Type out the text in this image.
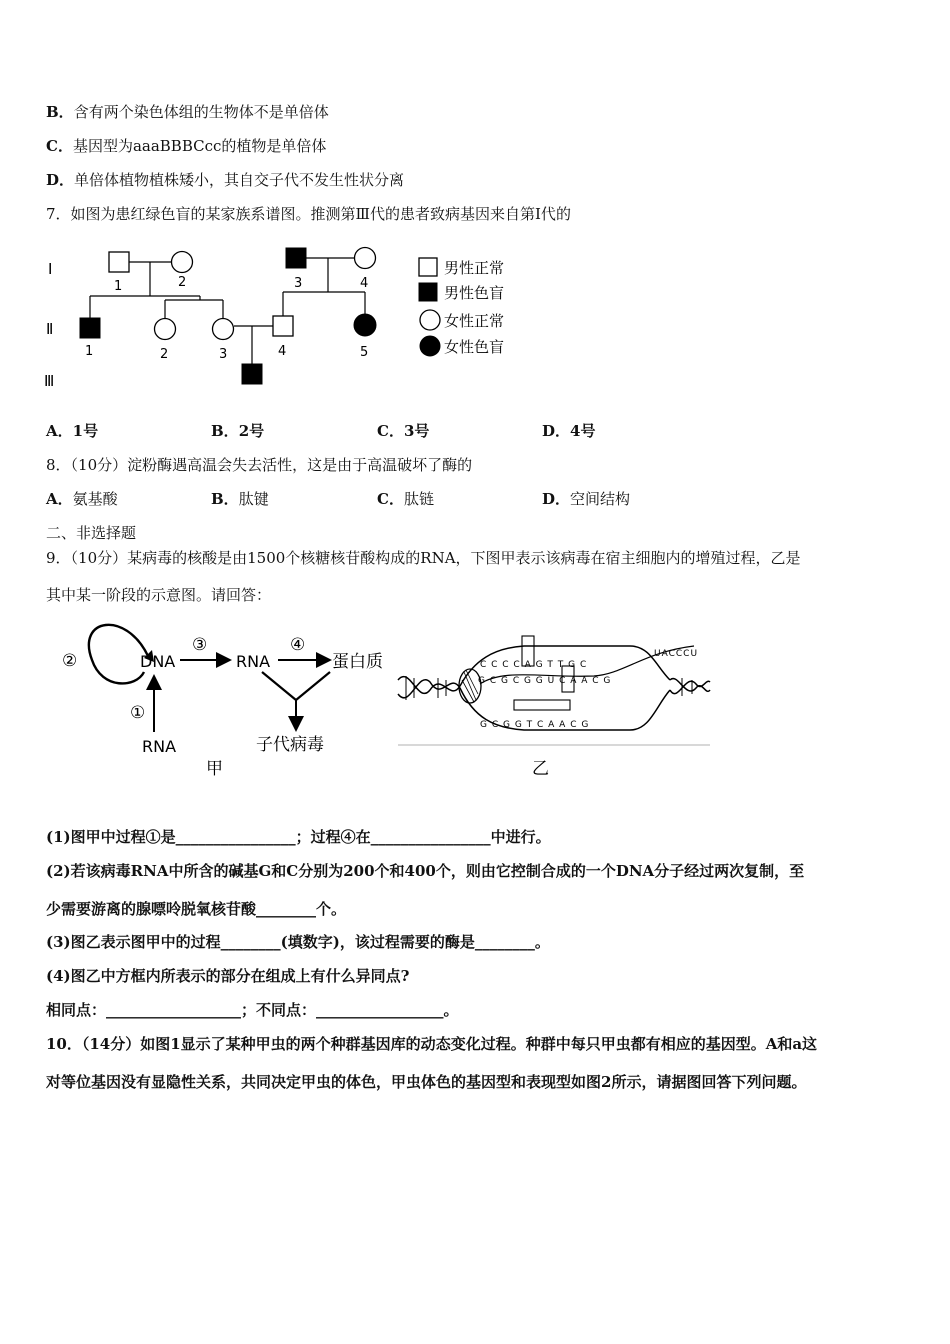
B．含有两个染色体组的生物体不是单倍体
C．基因型为aaaBBBCcc的植物是单倍体
D．单倍体植物植株矮小，其自交子代不发生性状分离
7．如图为患红绿色盲的某家族系谱图。推测第Ⅲ代的患者致病基因来自第Ⅰ代的
Ⅰ
Ⅱ
Ⅲ
1	2
1	2	3
3	4
4	5
男性正常
男性色盲
女性正常
女性色盲
A．1号	B．2号	C．3号	D．4号
8．（10分）淀粉酶遇高温会失去活性，这是由于高温破坏了酶的
A．氨基酸	B．肽键	C．肽链	D．空间结构
二、非选择题
9．（10分）某病毒的核酸是由1500个核糖核苷酸构成的RNA，下图甲表示该病毒在宿主细胞内的增殖过程，乙是
其中某一阶段的示意图。请回答：
②	DNA
③
RNA
④
蛋白质
①
RNA	子代病毒
甲
C C C C A G T T G C
G C G C G G U C A A C G
G C G G T C A A C G
UACCCU
乙
(1)图甲中过程①是________________；过程④在________________中进行。
(2)若该病毒RNA中所含的碱基G和C分别为200个和400个，则由它控制合成的一个DNA分子经过两次复制，至
少需要游离的腺嘌呤脱氧核苷酸________个。
(3)图乙表示图甲中的过程________(填数字)，该过程需要的酶是________。
(4)图乙中方框内所表示的部分在组成上有什么异同点?
相同点：__________________；不同点：_________________。
10．（14分）如图1显示了某种甲虫的两个种群基因库的动态变化过程。种群中每只甲虫都有相应的基因型。A和a这
对等位基因没有显隐性关系，共同决定甲虫的体色，甲虫体色的基因型和表现型如图2所示，请据图回答下列问题。
